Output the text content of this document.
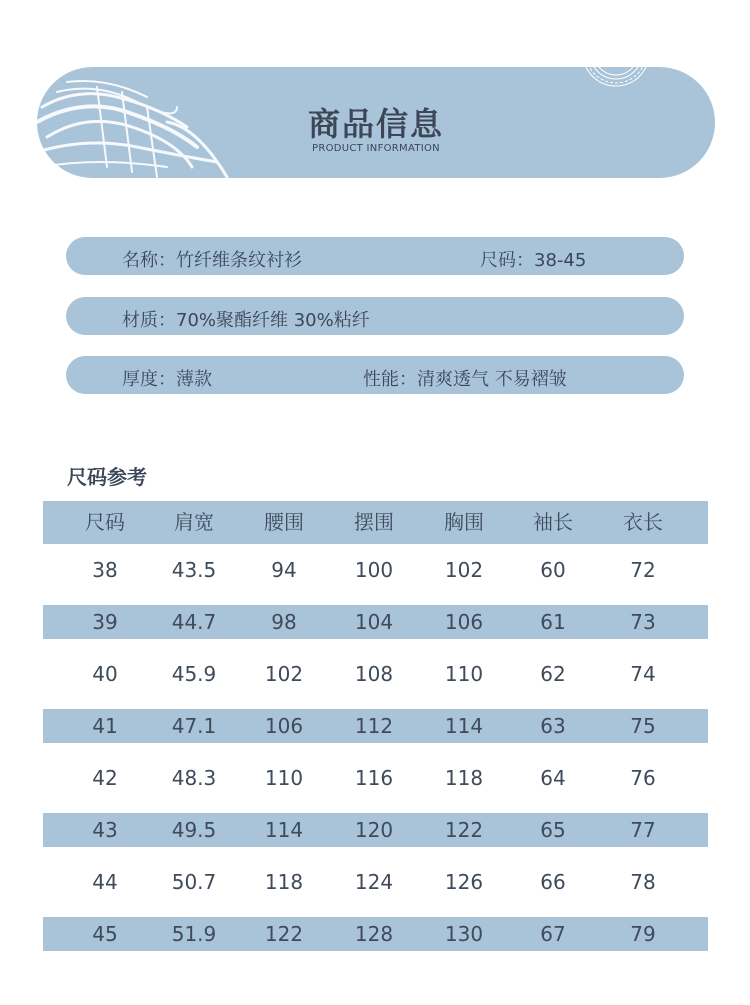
商品信息
PRODUCT INFORMATION
80s
名称：竹纤维条纹衬衫	尺码：38-45
材质：70%聚酯纤维 30%粘纤
厚度：薄款	性能：清爽透气 不易褶皱
尺码参考
尺码	肩宽	腰围	摆围	胸围	袖长	衣长
38	43.5	94	100	102	60	72
39	44.7	98	104	106	61	73
40	45.9	102	108	110	62	74
41	47.1	106	112	114	63	75
42	48.3	110	116	118	64	76
43	49.5	114	120	122	65	77
44	50.7	118	124	126	66	78
45	51.9	122	128	130	67	79
